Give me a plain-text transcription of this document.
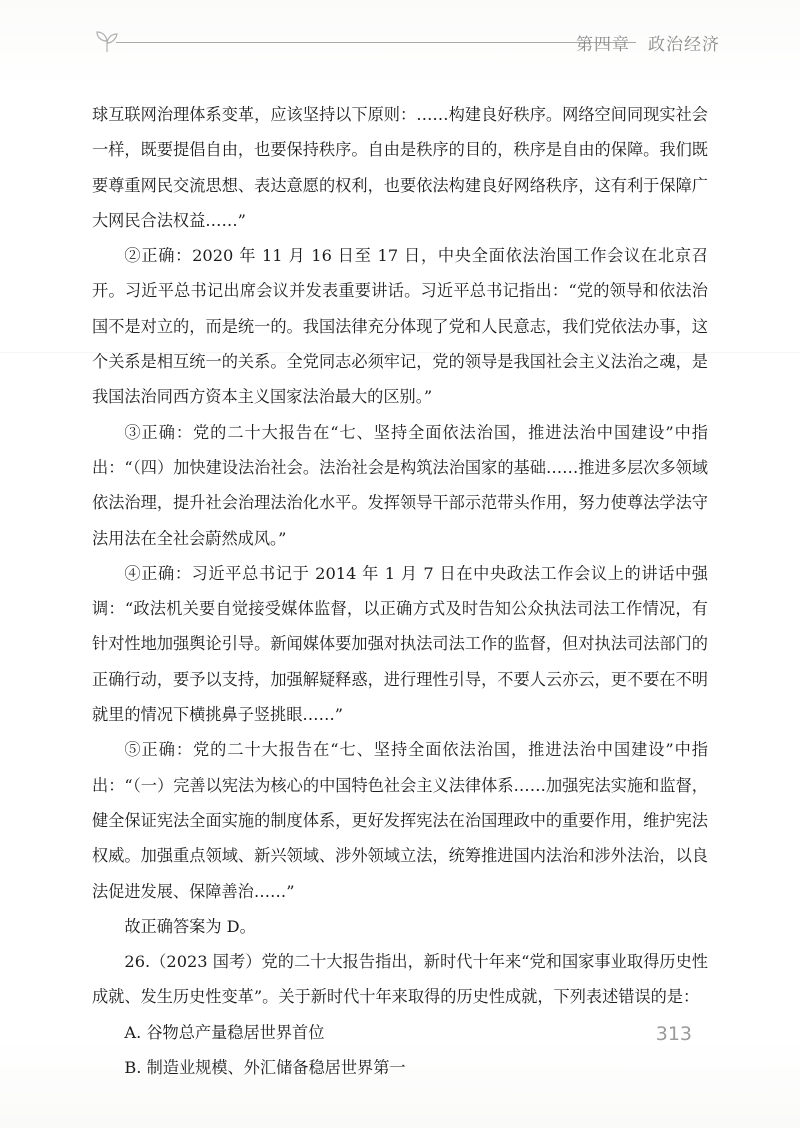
第四章　政治经济

球互联网治理体系变革，应该坚持以下原则：……构建良好秩序。网络空间同现实社会一样，既要提倡自由，也要保持秩序。自由是秩序的目的，秩序是自由的保障。我们既要尊重网民交流思想、表达意愿的权利，也要依法构建良好网络秩序，这有利于保障广大网民合法权益……”

②正确：2020 年 11 月 16 日至 17 日，中央全面依法治国工作会议在北京召开。习近平总书记出席会议并发表重要讲话。习近平总书记指出：“党的领导和依法治国不是对立的，而是统一的。我国法律充分体现了党和人民意志，我们党依法办事，这个关系是相互统一的关系。全党同志必须牢记，党的领导是我国社会主义法治之魂，是我国法治同西方资本主义国家法治最大的区别。”

③正确：党的二十大报告在“七、坚持全面依法治国，推进法治中国建设”中指出：“（四）加快建设法治社会。法治社会是构筑法治国家的基础……推进多层次多领域依法治理，提升社会治理法治化水平。发挥领导干部示范带头作用，努力使尊法学法守法用法在全社会蔚然成风。”

④正确：习近平总书记于 2014 年 1 月 7 日在中央政法工作会议上的讲话中强调：“政法机关要自觉接受媒体监督，以正确方式及时告知公众执法司法工作情况，有针对性地加强舆论引导。新闻媒体要加强对执法司法工作的监督，但对执法司法部门的正确行动，要予以支持，加强解疑释惑，进行理性引导，不要人云亦云，更不要在不明就里的情况下横挑鼻子竖挑眼……”

⑤正确：党的二十大报告在“七、坚持全面依法治国，推进法治中国建设”中指出：“（一）完善以宪法为核心的中国特色社会主义法律体系……加强宪法实施和监督，健全保证宪法全面实施的制度体系，更好发挥宪法在治国理政中的重要作用，维护宪法权威。加强重点领域、新兴领域、涉外领域立法，统筹推进国内法治和涉外法治，以良法促进发展、保障善治……”

故正确答案为 D。

26.（2023 国考）党的二十大报告指出，新时代十年来“党和国家事业取得历史性成就、发生历史性变革”。关于新时代十年来取得的历史性成就，下列表述错误的是：

A. 谷物总产量稳居世界首位

B. 制造业规模、外汇储备稳居世界第一

313
